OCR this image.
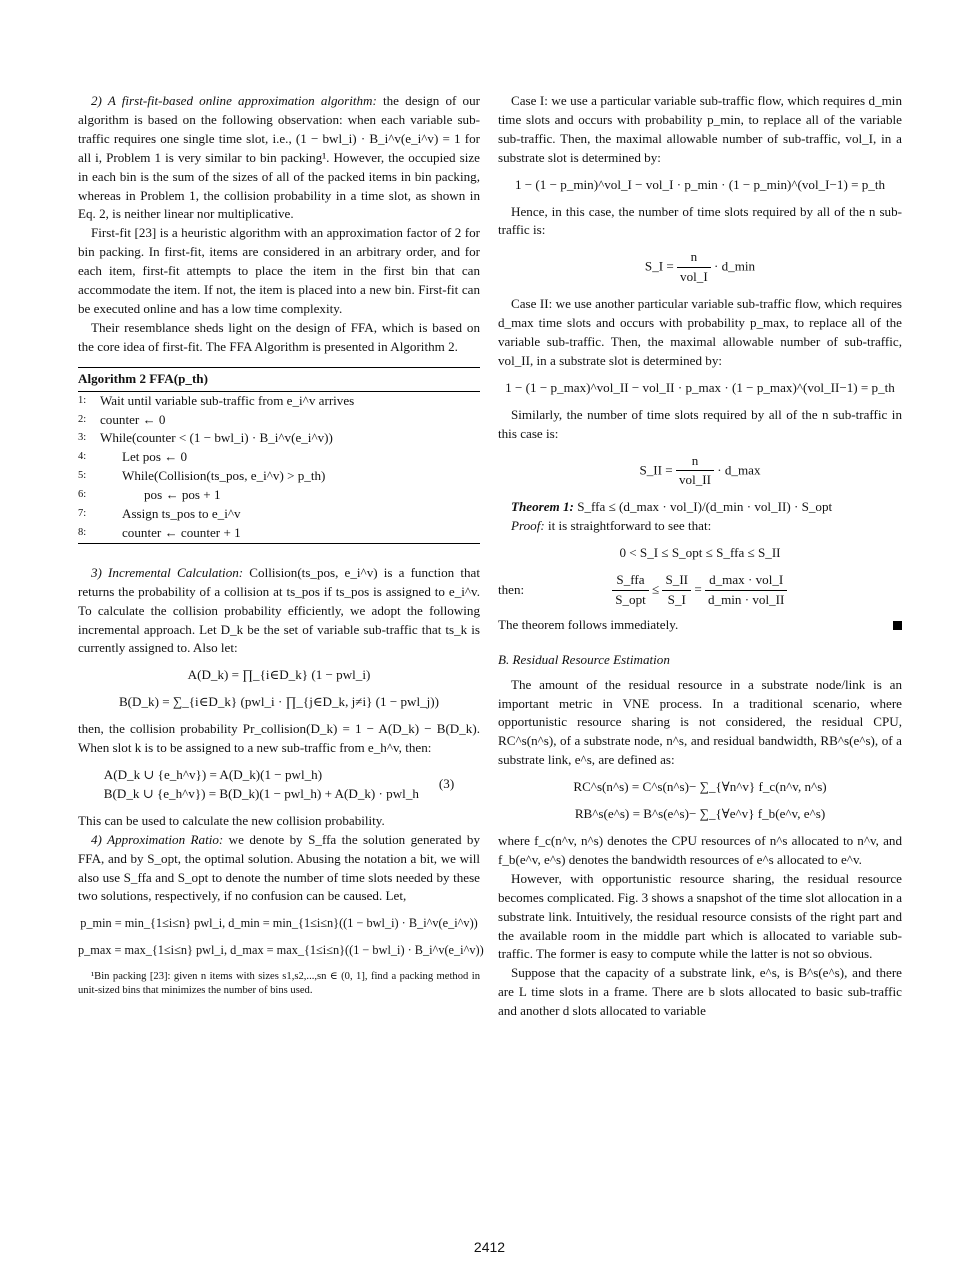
2) A first-fit-based online approximation algorithm: the design of our algorithm is based on the following observation: when each variable sub-traffic requires one single time slot, i.e., (1 − bwl_i) · B_i^v(e_i^v) = 1 for all i, Problem 1 is very similar to bin packing¹. However, the occupied size in each bin is the sum of the sizes of all of the packed items in bin packing, whereas in Problem 1, the collision probability in a time slot, as shown in Eq. 2, is neither linear nor multiplicative.

First-fit [23] is a heuristic algorithm with an approximation factor of 2 for bin packing. In first-fit, items are considered in an arbitrary order, and for each item, first-fit attempts to place the item in the first bin that can accommodate the item. If not, the item is placed into a new bin. First-fit can be executed online and has a low time complexity.

Their resemblance sheds light on the design of FFA, which is based on the core idea of first-fit. The FFA Algorithm is presented in Algorithm 2.

Algorithm 2 FFA(p_th)
1:	Wait until variable sub-traffic from e_i^v arrives
2:	counter ← 0
3:	While(counter < (1 − bwl_i) · B_i^v(e_i^v))
4:	Let pos ← 0
5:	While(Collision(ts_pos, e_i^v) > p_th)
6:	pos ← pos + 1
7:	Assign ts_pos to e_i^v
8:	counter ← counter + 1

3) Incremental Calculation: Collision(ts_pos, e_i^v) is a function that returns the probability of a collision at ts_pos if ts_pos is assigned to e_i^v. To calculate the collision probability efficiently, we adopt the following incremental approach. Let D_k be the set of variable sub-traffic that ts_k is currently assigned to. Also let:

A(D_k) = ∏_{i∈D_k} (1 − pwl_i)
B(D_k) = ∑_{i∈D_k} (pwl_i · ∏_{j∈D_k, j≠i} (1 − pwl_j))

then, the collision probability Pr_collision(D_k) = 1 − A(D_k) − B(D_k). When slot k is to be assigned to a new sub-traffic from e_h^v, then:

A(D_k ∪ {e_h^v}) = A(D_k)(1 − pwl_h)
B(D_k ∪ {e_h^v}) = B(D_k)(1 − pwl_h) + A(D_k) · pwl_h
(3)

This can be used to calculate the new collision probability.

4) Approximation Ratio: we denote by S_ffa the solution generated by FFA, and by S_opt, the optimal solution. Abusing the notation a bit, we will also use S_ffa and S_opt to denote the number of time slots needed by these two solutions, respectively, if no confusion can be caused. Let,

p_min = min_{1≤i≤n} pwl_i, d_min = min_{1≤i≤n}((1 − bwl_i) · B_i^v(e_i^v))
p_max = max_{1≤i≤n} pwl_i, d_max = max_{1≤i≤n}((1 − bwl_i) · B_i^v(e_i^v))

¹Bin packing [23]: given n items with sizes s1,s2,...,sn ∈ (0, 1], find a packing method in unit-sized bins that minimizes the number of bins used.

Case I: we use a particular variable sub-traffic flow, which requires d_min time slots and occurs with probability p_min, to replace all of the variable sub-traffic. Then, the maximal allowable number of sub-traffic, vol_I, in a substrate slot is determined by:

1 − (1 − p_min)^vol_I − vol_I · p_min · (1 − p_min)^(vol_I−1) = p_th

Hence, in this case, the number of time slots required by all of the n sub-traffic is:

S_I = $\frac{n}{\text{vol\_I}}$ · d_min

Case II: we use another particular variable sub-traffic flow, which requires d_max time slots and occurs with probability p_max, to replace all of the variable sub-traffic. Then, the maximal allowable number of sub-traffic, vol_II, in a substrate slot is determined by:

1 − (1 − p_max)^vol_II − vol_II · p_max · (1 − p_max)^(vol_II−1) = p_th

Similarly, the number of time slots required by all of the n sub-traffic in this case is:

S_II = $\frac{n}{\text{vol\_II}}$ · d_max

Theorem 1: S_ffa ≤ (d_max · vol_I)/(d_min · vol_II) · S_opt

Proof: it is straightforward to see that:

0 < S_I ≤ S_opt ≤ S_ffa ≤ S_II
then:	$\frac{\text{S\_ffa}}{\text{S\_opt}} \le \frac{S\_II}{S\_I} = \frac{\text{d\_max · vol\_I}}{\text{d\_min · vol\_II}}$

The theorem follows immediately.

B. Residual Resource Estimation

The amount of the residual resource in a substrate node/link is an important metric in VNE process. In a traditional scenario, where opportunistic resource sharing is not considered, the residual CPU, RC^s(n^s), of a substrate node, n^s, and residual bandwidth, RB^s(e^s), of a substrate link, e^s, are defined as:

RC^s(n^s) = C^s(n^s)− ∑_{∀n^v} f_c(n^v, n^s)
RB^s(e^s) = B^s(e^s)− ∑_{∀e^v} f_b(e^v, e^s)

where f_c(n^v, n^s) denotes the CPU resources of n^s allocated to n^v, and f_b(e^v, e^s) denotes the bandwidth resources of e^s allocated to e^v.

However, with opportunistic resource sharing, the residual resource becomes complicated. Fig. 3 shows a snapshot of the time slot allocation in a substrate link. Intuitively, the residual resource consists of the right part and the available room in the middle part which is allocated to variable sub-traffic. The former is easy to compute while the latter is not so obvious.

Suppose that the capacity of a substrate link, e^s, is B^s(e^s), and there are L time slots in a frame. There are b slots allocated to basic sub-traffic and another d slots allocated to variable

2412
